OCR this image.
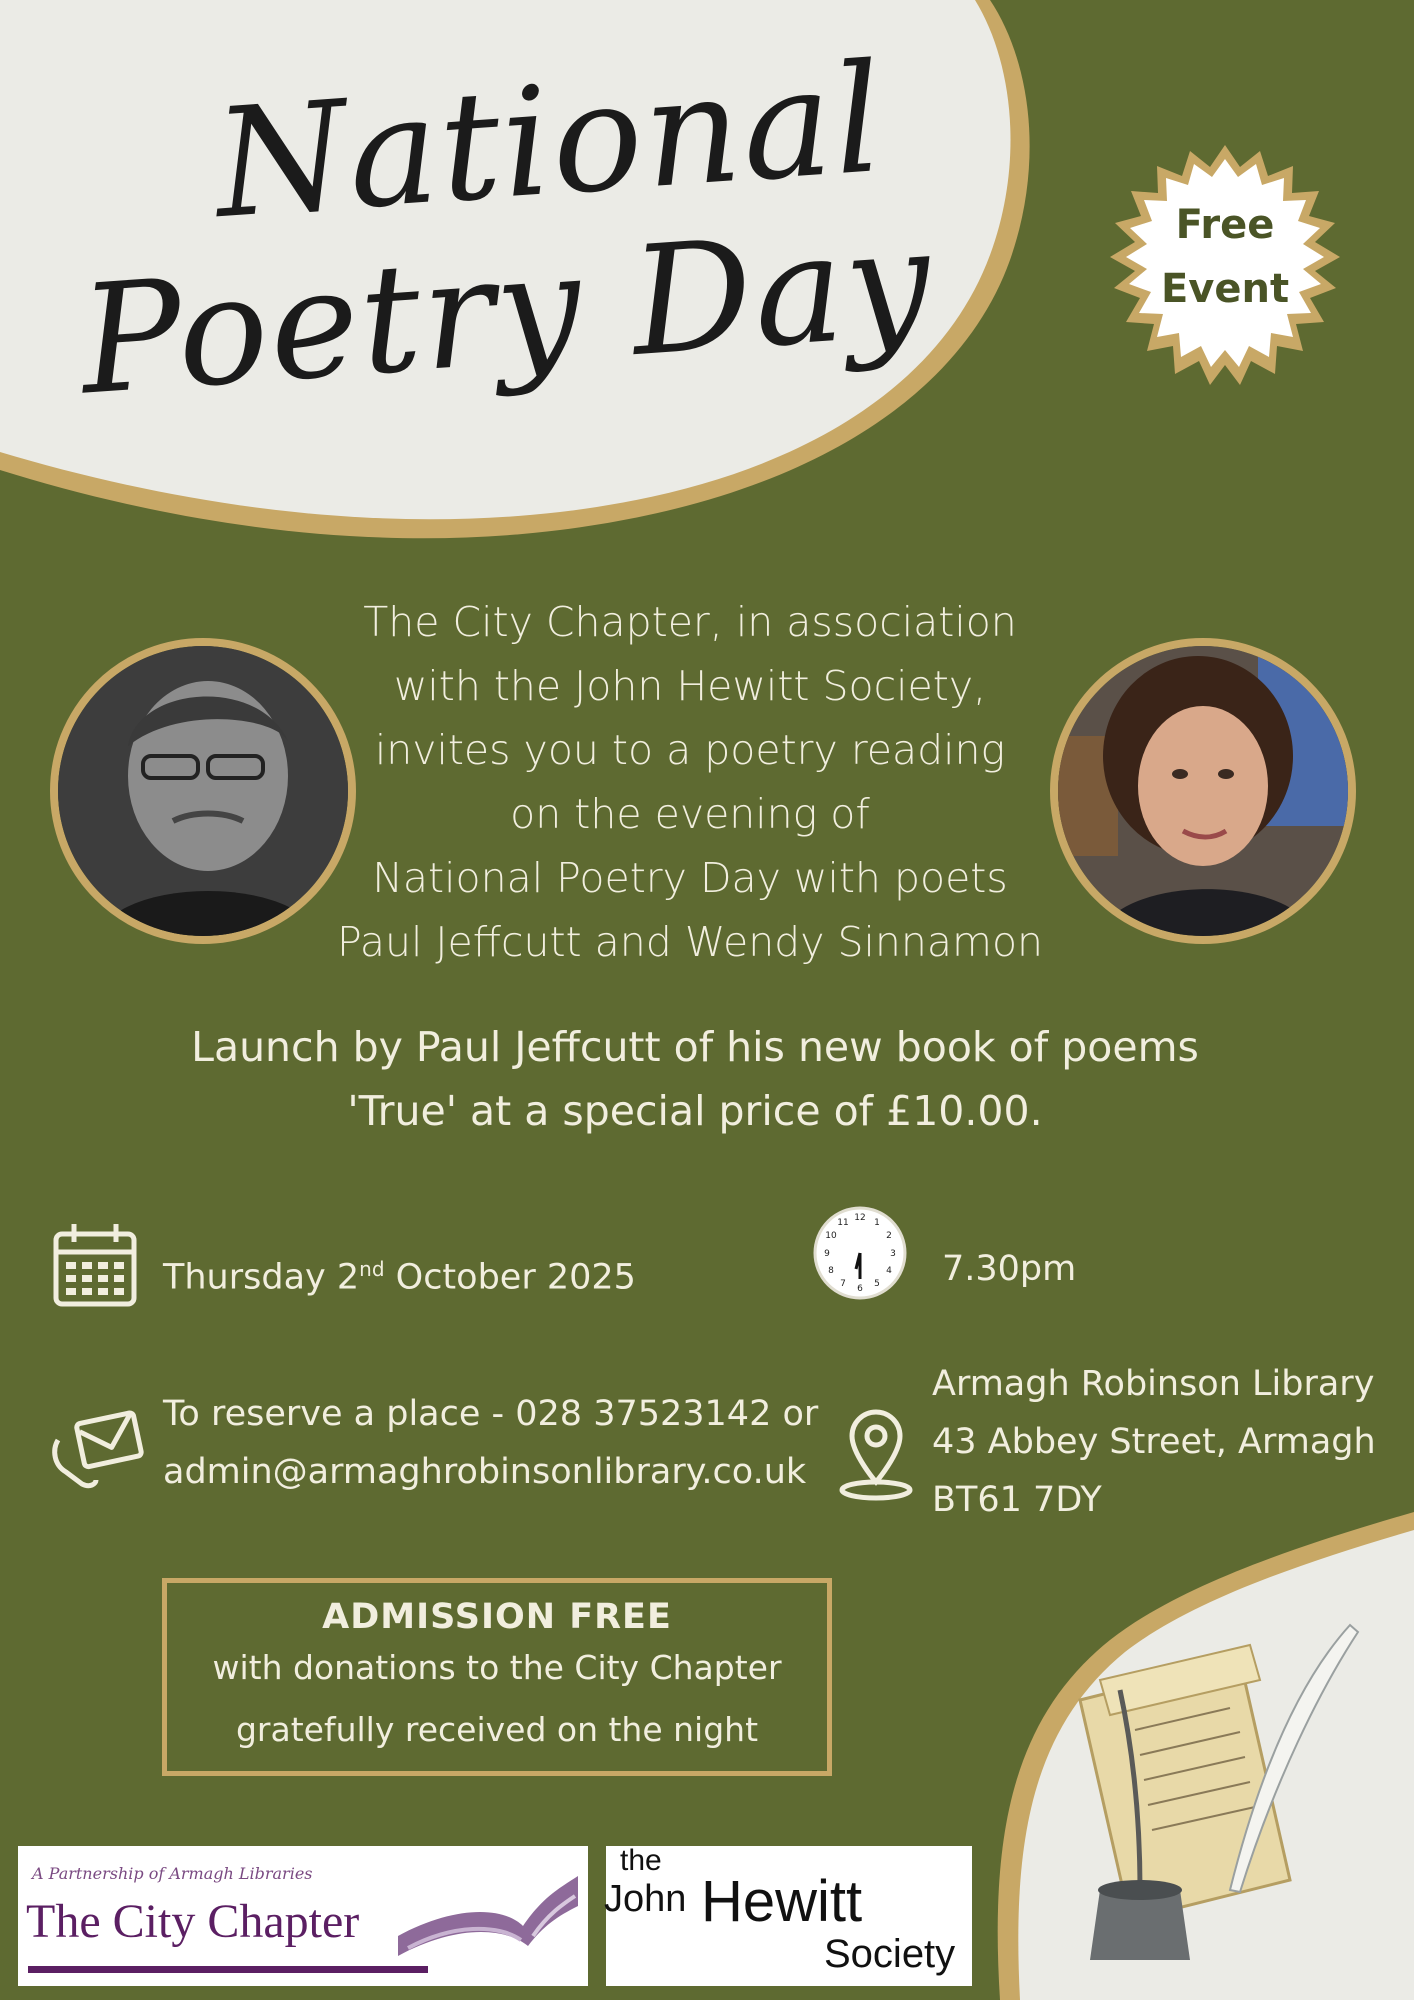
National
Poetry Day	Free
Event

The City Chapter, in association

with the John Hewitt Society,

invites you to a poetry reading

on the evening of

National Poetry Day with poets

Paul Jeffcutt and Wendy Sinnamon

Launch by Paul Jeffcutt of his new book of poems

'True' at a special price of £10.00.

Thursday 2nd October 2025
12 1
2
3
4
5
6
7
8
9
10
11
7.30pm
To reserve a place - 028 37523142 or
admin@armaghrobinsonlibrary.co.uk
Armagh Robinson Library
43 Abbey Street, Armagh
BT61 7DY
ADMISSION FREE
with donations to the City Chapter
gratefully received on the night
A Partnership of Armagh Libraries
The City Chapter
the
John Hewitt
Society
